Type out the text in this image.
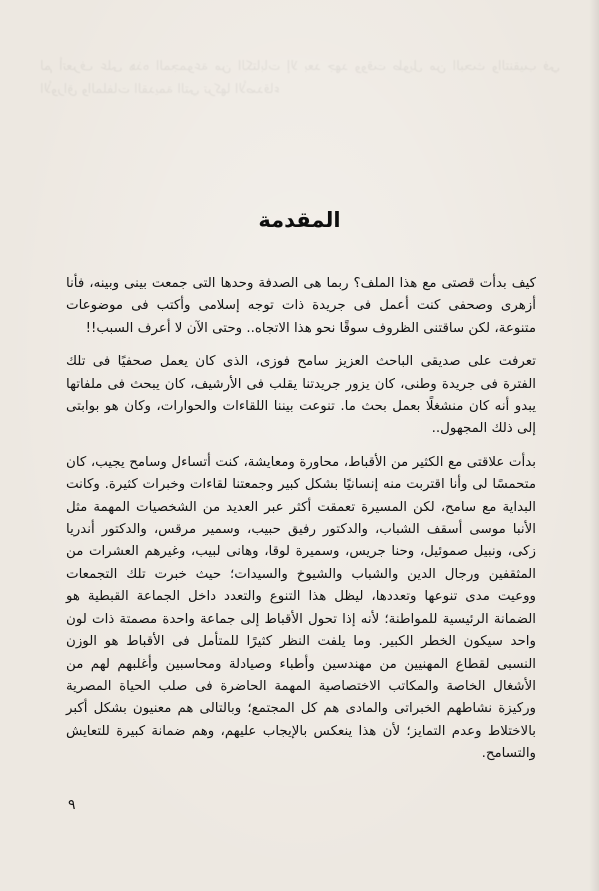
لم أتعرف على هذه المجموعة من الكتابات إلا بعد جهد ووقت طويل من البحث والتنقيب في الأوراق والملفات القديمة التي تركها الأصدقاء
المقدمة

كيف بدأت قصتى مع هذا الملف؟ ربما هى الصدفة وحدها التى جمعت بينى وبينه، فأنا أزهرى وصحفى كنت أعمل فى جريدة ذات توجه إسلامى وأكتب فى موضوعات متنوعة، لكن ساقتنى الظروف سوقًا نحو هذا الاتجاه.. وحتى الآن لا أعرف السبب!!

تعرفت على صديقى الباحث العزيز سامح فوزى، الذى كان يعمل صحفيًا فى تلك الفترة فى جريدة وطنى، كان يزور جريدتنا يقلب فى الأرشيف، كان يبحث فى ملفاتها يبدو أنه كان منشغلًا بعمل بحث ما. تنوعت بيننا اللقاءات والحوارات، وكان هو بوابتى إلى ذلك المجهول..

بدأت علاقتى مع الكثير من الأقباط، محاورة ومعايشة، كنت أتساءل وسامح يجيب، كان متحمسًا لى وأنا اقتربت منه إنسانيًا بشكل كبير وجمعتنا لقاءات وخبرات كثيرة. وكانت البداية مع سامح، لكن المسيرة تعمقت أكثر عبر العديد من الشخصيات المهمة مثل الأنبا موسى أسقف الشباب، والدكتور رفيق حبيب، وسمير مرقس، والدكتور أندريا زكى، ونبيل صموئيل، وحنا جريس، وسميرة لوقا، وهانى لبيب، وغيرهم العشرات من المثقفين ورجال الدين والشباب والشيوخ والسيدات؛ حيث خبرت تلك التجمعات ووعيت مدى تنوعها وتعددها، ليظل هذا التنوع والتعدد داخل الجماعة القبطية هو الضمانة الرئيسية للمواطنة؛ لأنه إذا تحول الأقباط إلى جماعة واحدة مصمتة ذات لون واحد سيكون الخطر الكبير. وما يلفت النظر كثيرًا للمتأمل فى الأقباط هو الوزن النسبى لقطاع المهنيين من مهندسين وأطباء وصيادلة ومحاسبين وأغلبهم لهم من الأشغال الخاصة والمكاتب الاختصاصية المهمة الحاضرة فى صلب الحياة المصرية وركيزة نشاطهم الخبراتى والمادى هم كل المجتمع؛ وبالتالى هم معنيون بشكل أكبر بالاختلاط وعدم التمايز؛ لأن هذا ينعكس بالإيجاب عليهم، وهم ضمانة كبيرة للتعايش والتسامح.

٩
